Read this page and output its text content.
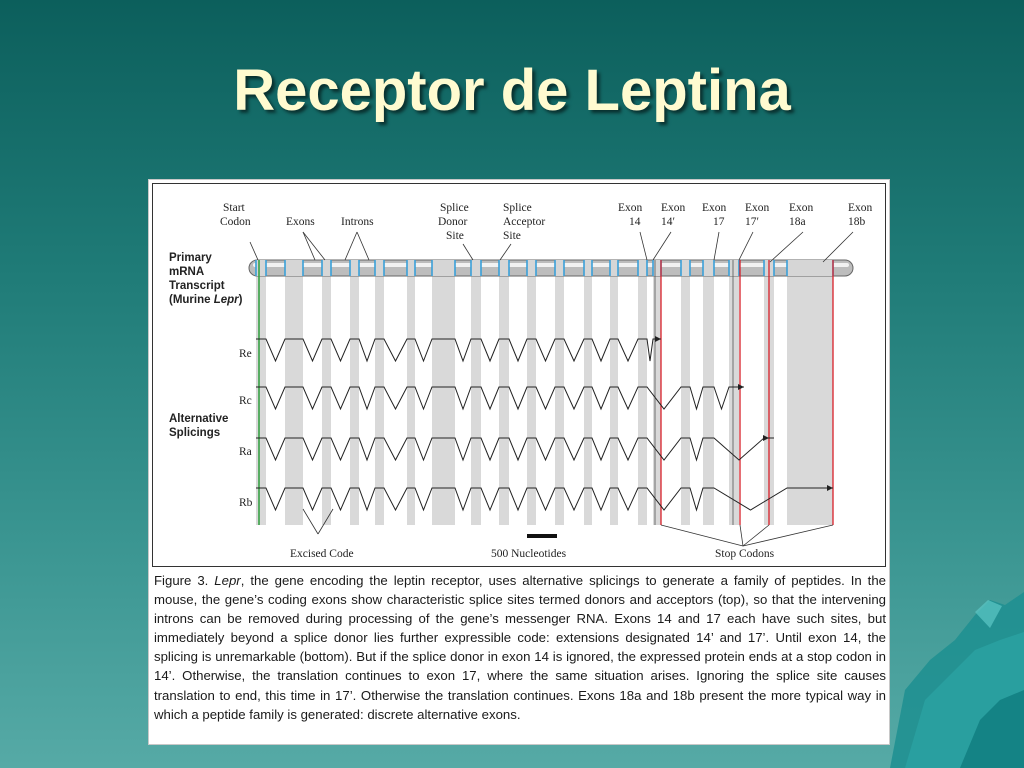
Receptor de Leptina
Start
Codon	Exons Introns
Splice
Donor
Site
Splice
Acceptor
Site
Exon
14
Exon
14′
Exon
17
Exon
17′
Exon
18a
Exon
18b
Primary
mRNA
Transcript
(Murine Lepr)
Alternative
Splicings
Re
Rc
Ra
Rb
Excised Code	500 Nucleotides	Stop Codons
Figure 3. Lepr, the gene encoding the leptin receptor, uses alternative splicings to generate a family of peptides. In the mouse, the gene’s coding exons show characteristic splice sites termed donors and acceptors (top), so that the intervening introns can be removed during processing of the gene’s messenger RNA. Exons 14 and 17 each have such sites, but immediately beyond a splice donor lies further expressible code: extensions designated 14’ and 17’. Until exon 14, the splicing is unremarkable (bottom). But if the splice donor in exon 14 is ignored, the expressed protein ends at a stop codon in 14’. Otherwise, the translation continues to exon 17, where the same situation arises. Ignoring the splice site causes translation to end, this time in 17’. Otherwise the translation continues. Exons 18a and 18b present the more typical way in which a peptide family is generated: discrete alternative exons.
